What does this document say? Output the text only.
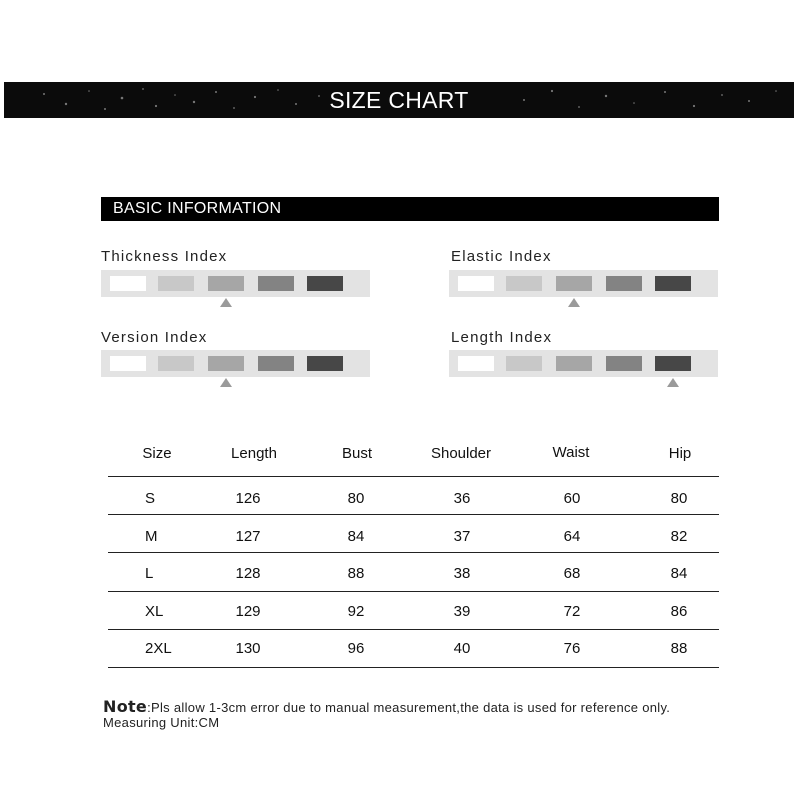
SIZE CHART
BASIC INFORMATION
Thickness Index	Elastic Index
Version Index	Length Index
Size	Length	Bust	Shoulder	Waist	Hip
S	126	80	36	60	80
M	127	84	37	64	82
L	128	88	38	68	84
XL	129	92	39	72	86
2XL	130	96	40	76	88
Note:Pls allow 1-3cm error due to manual measurement,the data is used for reference only.
Measuring Unit:CM
